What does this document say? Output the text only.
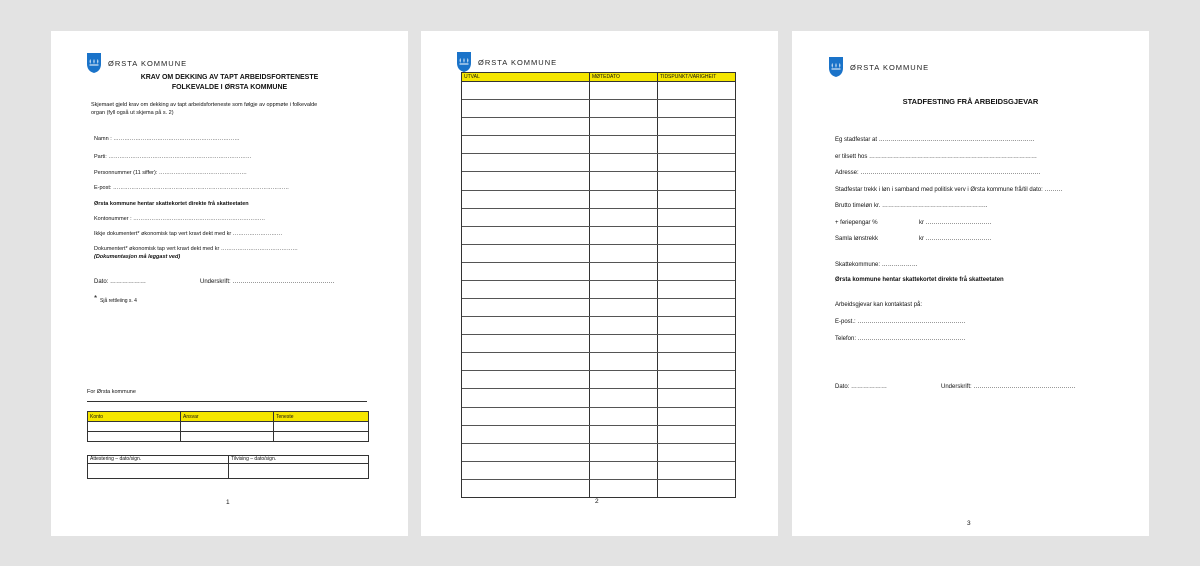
ØRSTA KOMMUNE
KRAV OM DEKKING AV TAPT ARBEIDSFORTENESTE
FOLKEVALDE I ØRSTA KOMMUNE
Skjemaet gjeld krav om dekking av tapt arbeidsforteneste som følgje av oppmøte i folkevalde
organ (fyll også ut skjema på s. 2)
Namn : ……………………………………………………………
Parti: ……………………………………………………………………
Personnummer (11 siffer): …………………………………………
E-post: ……………………………………………………………………………………
Ørsta kommune hentar skattekortet direkte frå skatteetaten
Kontonummer : ………………………………………………………………
Ikkje dokumentert* økonomisk tap vert kravt dekt med kr ………………………
Dokumentert* økonomisk tap vert kravt dekt med kr ……………………………………
(Dokumentasjon må leggast ved)
Dato: ………………	Underskrift: ……………………………………………
* Sjå rettleiing s. 4
For Ørsta kommune
Konto	Ansvar	Teneste

Attestering – dato/sign.	Tilvising – dato/sign.

1
ØRSTA KOMMUNE
UTVAL	MØTEDATO	TIDSPUNKT/VARIGHEIT
2
ØRSTA KOMMUNE
STADFESTING FRÅ ARBEIDSGJEVAR
Eg stadfestar at ……………………………………………………………………
er tilsett hos …………………………………………………………………………
Adresse: ………………………………………………………………………………
Stadfestar trekk i løn i samband med politisk verv i Ørsta kommune frå/til dato: ………
Brutto timeløn kr. ……………………………………………..
+ feriepengar %	kr ……………………………
Samla lønstrekk	kr ……………………………
Skattekommune: ………………
Ørsta kommune hentar skattekortet direkte frå skatteetaten
Arbeidsgjevar kan kontaktast på:
E-post.: ………………………………………………
Telefon: ………………………………………………
Dato: ………………	Underskrift: ……………………………………………
3
